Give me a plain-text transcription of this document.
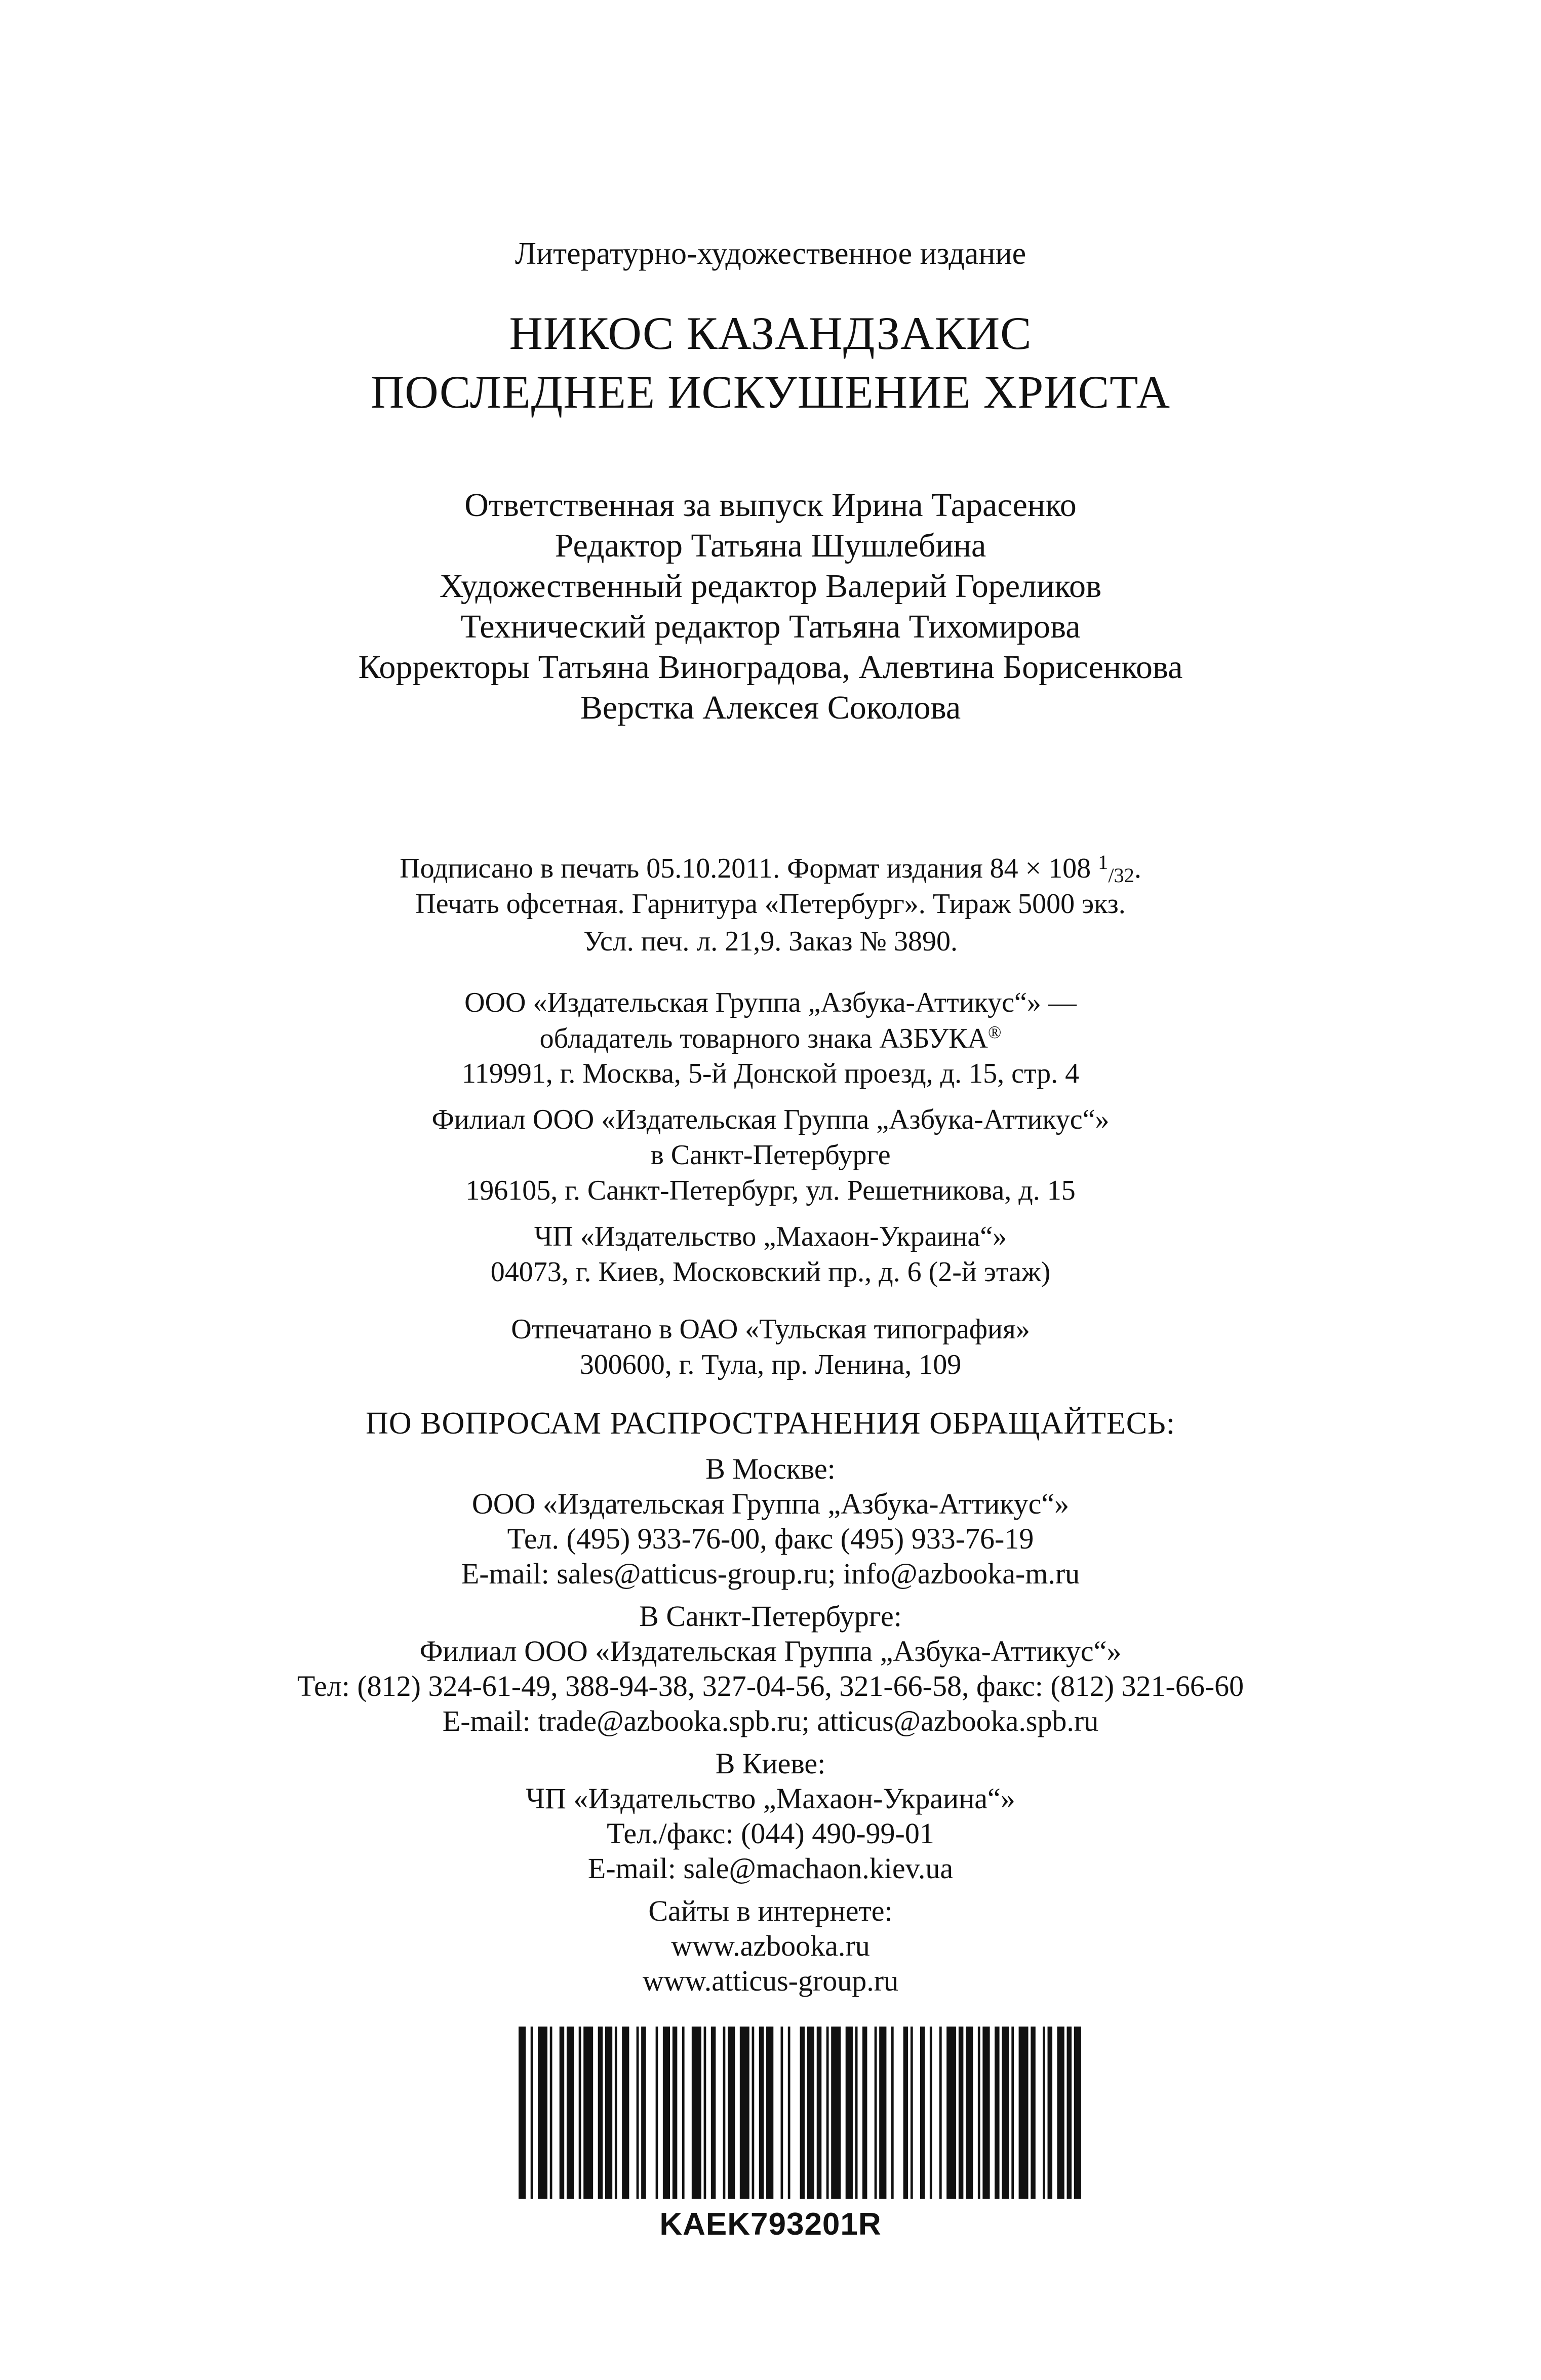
Литературно-художественное издание
НИКОС КАЗАНДЗАКИС
ПОСЛЕДНЕЕ ИСКУШЕНИЕ ХРИСТА
Ответственная за выпуск Ирина Тарасенко
Редактор Татьяна Шушлебина
Художественный редактор Валерий Гореликов
Технический редактор Татьяна Тихомирова
Корректоры Татьяна Виноградова, Алевтина Борисенкова
Верстка Алексея Соколова
Подписано в печать 05.10.2011. Формат издания 84 × 108 $^1$/32.
Печать офсетная. Гарнитура «Петербург». Тираж 5000 экз.
Усл. печ. л. 21,9. Заказ № 3890.
ООО «Издательская Группа „Азбука-Аттикус“» —
обладатель товарного знака АЗБУКА®
119991, г. Москва, 5-й Донской проезд, д. 15, стр. 4
Филиал ООО «Издательская Группа „Азбука-Аттикус“»
в Санкт-Петербурге
196105, г. Санкт-Петербург, ул. Решетникова, д. 15
ЧП «Издательство „Махаон-Украина“»
04073, г. Киев, Московский пр., д. 6 (2-й этаж)
Отпечатано в ОАО «Тульская типография»
300600, г. Тула, пр. Ленина, 109
ПО ВОПРОСАМ РАСПРОСТРАНЕНИЯ ОБРАЩАЙТЕСЬ:
В Москве:
ООО «Издательская Группа „Азбука-Аттикус“»
Тел. (495) 933-76-00, факс (495) 933-76-19
E-mail: sales@atticus-group.ru; info@azbooka-m.ru
В Санкт-Петербурге:
Филиал ООО «Издательская Группа „Азбука-Аттикус“»
Тел: (812) 324-61-49, 388-94-38, 327-04-56, 321-66-58, факс: (812) 321-66-60
E-mail: trade@azbooka.spb.ru; atticus@azbooka.spb.ru
В Киеве:
ЧП «Издательство „Махаон-Украина“»
Тел./факс: (044) 490-99-01
E-mail: sale@machaon.kiev.ua
Сайты в интернете:
www.azbooka.ru
www.atticus-group.ru
KAEK793201R
